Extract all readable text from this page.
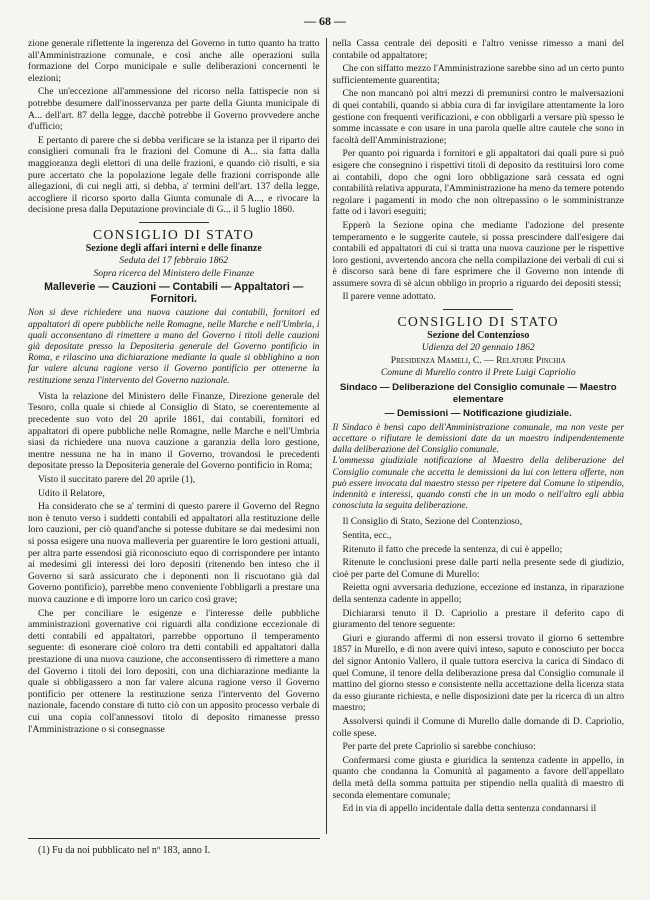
— 68 —

zione generale riflettente la ingerenza del Governo in tutto quanto ha tratto all'Amministrazione comunale, e così anche alle operazioni sulla formazione del Corpo municipale e sulle deliberazioni concernenti le elezioni;

Che un'eccezione all'ammessione del ricorso nella fattispecie non si potrebbe desumere dall'inosservanza per parte della Giunta municipale di A... dell'art. 87 della legge, dacchè potrebbe il Governo provvedere anche d'ufficio;

E pertanto di parere che si debba verificare se la istanza per il riparto dei consiglieri comunali fra le frazioni del Comune di A... sia fatta dalla maggioranza degli elettori di una delle frazioni, e quando ciò risulti, e sia pure accertato che la popolazione legale delle frazioni corrisponde alle allegazioni, di cui negli atti, si debba, a' termini dell'art. 137 della legge, accogliere il ricorso sporto dalla Giunta comunale di A..., e rivocare la decisione presa dalla Deputazione provinciale di G... il 5 luglio 1860.

CONSIGLIO DI STATO
Sezione degli affari interni e delle finanze
Seduta del 17 febbraio 1862
Sopra ricerca del Ministero delle Finanze
Malleverie — Cauzioni — Contabili — Appaltatori — Fornitori.

Non si deve richiedere una nuova cauzione dai contabili, fornitori ed appaltatori di opere pubbliche nelle Romagne, nelle Marche e nell'Umbria, i quali acconsentano di rimettere a mano del Governo i titoli delle cauzioni già depositate presso la Depositeria generale del Governo pontificio in Roma, e rilascino una dichiarazione mediante la quale si obblighino a non far valere alcuna ragione verso il Governo pontificio per ottenerne la restituzione senza l'intervento del Governo nazionale.

Vista la relazione del Ministero delle Finanze, Direzione generale del Tesoro, colla quale si chiede al Consiglio di Stato, se coerentemente al precedente suo voto del 20 aprile 1861, dai contabili, fornitori ed appaltatori di opere pubbliche nelle Romagne, nelle Marche e nell'Umbria siasi da richiedere una nuova cauzione a garanzia della loro gestione, mentre nessuna ne ha in mano il Governo, trovandosi le precedenti depositate presso la Depositeria generale del Governo pontificio in Roma;

Visto il succitato parere del 20 aprile (1),

Udito il Relatore,

Ha considerato che se a' termini di questo parere il Governo del Regno non è tenuto verso i suddetti contabili ed appaltatori alla restituzione delle loro cauzioni, per ciò quand'anche si potesse dubitare se dai medesimi non si possa esigere una nuova malleveria per guarentire le loro gestioni attuali, per altra parte essendosi già riconosciuto equo di corrispondere per intanto ai medesimi gli interessi dei loro depositi (ritenendo ben inteso che il Governo si sarà assicurato che i deponenti non li riscuotano già dal Governo pontificio), parrebbe meno conveniente l'obbligarli a prestare una nuova cauzione e di imporre loro un carico così grave;

Che per conciliare le esigenze e l'interesse delle pubbliche amministrazioni governative coi riguardi alla condizione eccezionale di detti contabili ed appaltatori, parrebbe opportuno il temperamento seguente: di esonerare cioè coloro tra detti contabili ed appaltatori dalla prestazione di una nuova cauzione, che acconsentissero di rimettere a mano del Governo i titoli dei loro depositi, con una dichiarazione mediante la quale si obbligassero a non far valere alcuna ragione verso il Governo pontificio per ottenere la restituzione senza l'intervento del Governo nazionale, facendo constare di tutto ciò con un apposito processo verbale di cui una copia coll'annessovi titolo di deposito rimanesse presso l'Amministrazione o si consegnasse

nella Cassa centrale dei depositi e l'altro venisse rimesso a mani del contabile od appaltatore;

Che con siffatto mezzo l'Amministrazione sarebbe sino ad un certo punto sufficientemente guarentita;

Che non mancanò poi altri mezzi di premunirsi contro le malversazioni di quei contabili, quando si abbia cura di far invigilare attentamente la loro gestione con frequenti verificazioni, e con obbligarli a versare più spesso le somme incassate e con usare in una parola quelle altre cautele che sono in facoltà dell'Amministrazione;

Per quanto poi riguarda i fornitori e gli appaltatori dai quali pure si può esigere che consegnino i rispettivi titoli di deposito da restituirsi loro come ai contabili, dopo che ogni loro obbligazione sarà cessata ed ogni contabilità relativa appurata, l'Amministrazione ha meno da temere potendo regolare i pagamenti in modo che non oltrepassino o le somministranze fatte od i lavori eseguiti;

Epperò la Sezione opina che mediante l'adozione del presente temperamento e le suggerite cautele, si possa prescindere dall'esigere dai contabili ed appaltatori di cui si tratta una nuova cauzione per le rispettive loro gestioni, avvertendo ancora che nella compilazione dei verbali di cui si è discorso sarà bene di fare esprimere che il Governo non intende di assumere sovra di sè alcun obbligo in proprio a riguardo dei depositi stessi;

Il parere venne adottato.

CONSIGLIO DI STATO
Sezione del Contenzioso
Udienza del 20 gennaio 1862
Presidenza Mameli, C. — Relatore Pinchia
Comune di Murello contro il Prete Luigi Capriolio
Sindaco — Deliberazione del Consiglio comunale — Maestro elementare
— Demissioni — Notificazione giudiziale.

Il Sindaco è bensì capo dell'Amministrazione comunale, ma non veste per accettare o rifiutare le demissioni date da un maestro indipendentemente dalla deliberazione del Consiglio comunale.

L'ommessa giudiziale notificazione al Maestro della deliberazione del Consiglio comunale che accetta le demissioni da lui con lettera offerte, non può essere invocata dal maestro stesso per ripetere dal Comune lo stipendio, indennità e interessi, quando consti che in un modo o nell'altro egli abbia conosciuta la seguita deliberazione.

Il Consiglio di Stato, Sezione del Contenzioso,

Sentita, ecc.,

Ritenuto il fatto che precede la sentenza, di cui è appello;

Ritenute le conclusioni prese dalle parti nella presente sede di giudizio, cioè per parte del Comune di Murello:

Reietta ogni avversaria deduzione, eccezione ed instanza, in riparazione della sentenza cadente in appello;

Dichiararsi tenuto il D. Capriolio a prestare il deferito capo di giuramento del tenore seguente:

Giuri e giurando affermi di non essersi trovato il giorno 6 settembre 1857 in Murello, e di non avere quivi inteso, saputo e conosciuto per bocca del signor Antonio Vallero, il quale tuttora esercìva la carica di Sindaco di quel Comune, il tenore della deliberazione presa dal Consiglio comunale il mattino del giorno stesso e consistente nella accettazione della licenza stata da esso giurante richiesta, e nelle disposizioni date per la ricerca di un altro maestro;

Assolversi quindi il Comune di Murello dalle domande di D. Capriolio, colle spese.

Per parte del prete Capriolio si sarebbe conchiuso:

Confermarsi come giusta e giuridica la sentenza cadente in appello, in quanto che condanna la Comunità al pagamento a favore dell'appellato della metà della somma pattuita per stipendio nella qualità di maestro di seconda elementare comunale;

Ed in via di appello incidentale dalla detta sentenza condannarsi il

(1) Fu da noi pubblicato nel nº 183, anno I.
